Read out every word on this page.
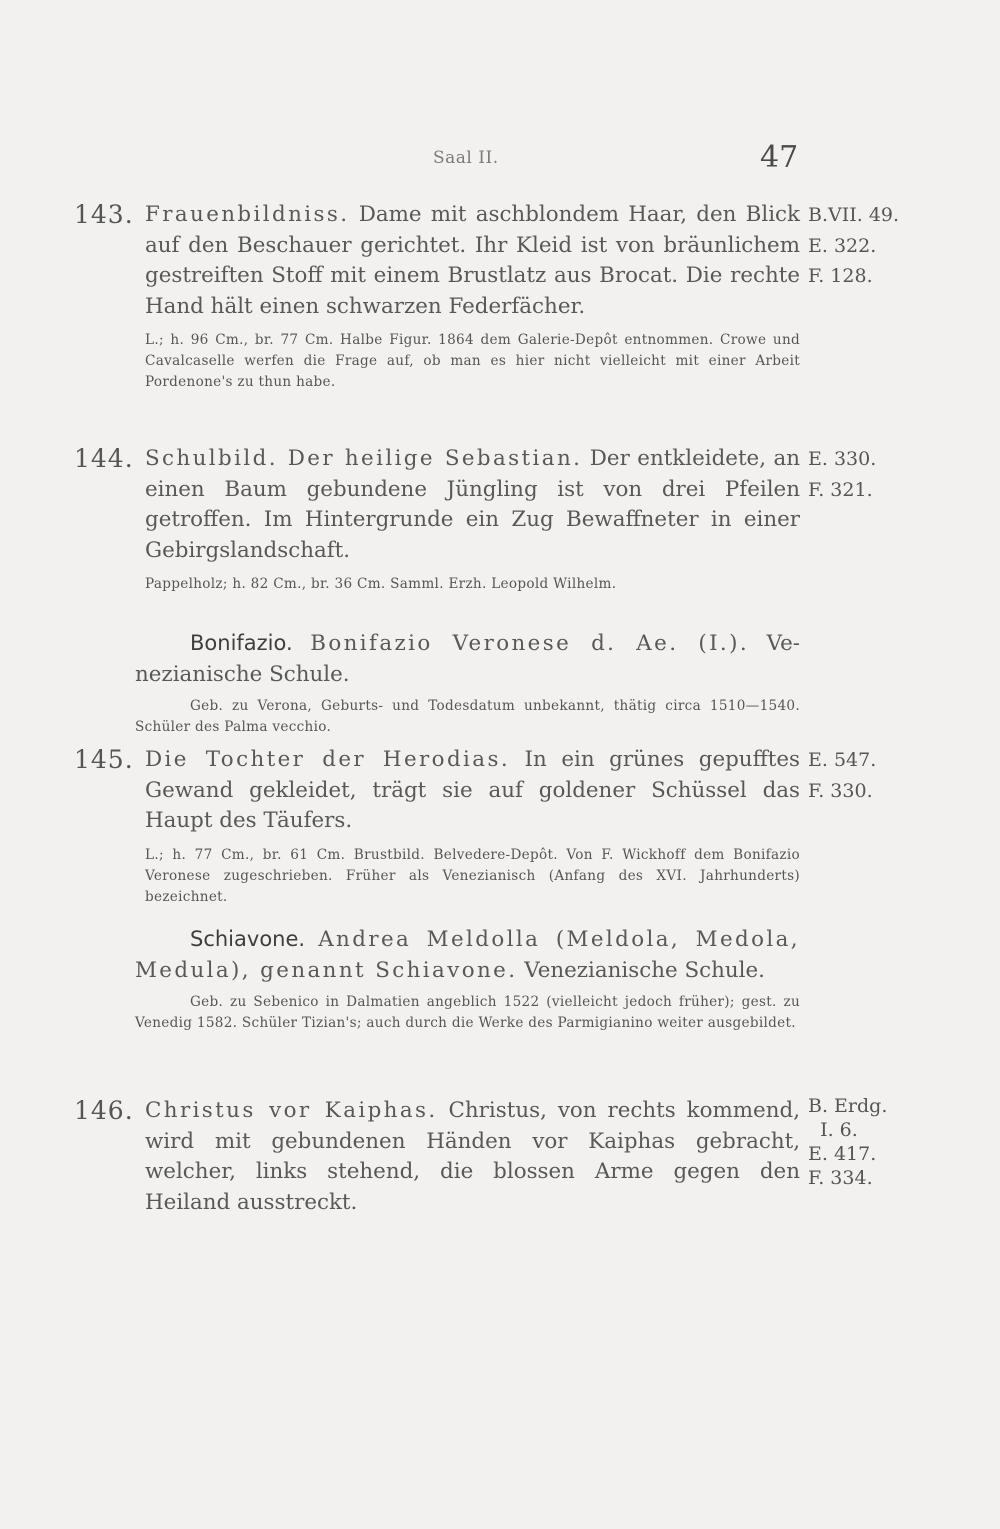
Saal II.	47
143. Frauenbildniss. Dame mit aschblondem Haar, den Blick auf den Beschauer gerichtet. Ihr Kleid ist von bräunlichem gestreiften Stoff mit einem Brustlatz aus Brocat. Die rechte Hand hält einen schwarzen Federfächer.

L.; h. 96 Cm., br. 77 Cm. Halbe Figur. 1864 dem Galerie-Depôt entnommen. Crowe und Cavalcaselle werfen die Frage auf, ob man es hier nicht vielleicht mit einer Arbeit Pordenone's zu thun habe.

B.VII. 49.
E. 322.
F. 128.
144. Schulbild. Der heilige Sebastian. Der entkleidete, an einen Baum gebundene Jüngling ist von drei Pfeilen getroffen. Im Hintergrunde ein Zug Bewaffneter in einer Gebirgslandschaft.

Pappelholz; h. 82 Cm., br. 36 Cm. Samml. Erzh. Leopold Wilhelm.

E. 330.
F. 321.

Bonifazio. Bonifazio Veronese d. Ae. (I.). Venezianische Schule.

Geb. zu Verona, Geburts- und Todesdatum unbekannt, thätig circa 1510—1540. Schüler des Palma vecchio.

145. Die Tochter der Herodias. In ein grünes gepufftes Gewand gekleidet, trägt sie auf goldener Schüssel das Haupt des Täufers.

L.; h. 77 Cm., br. 61 Cm. Brustbild. Belvedere-Depôt. Von F. Wickhoff dem Bonifazio Veronese zugeschrieben. Früher als Venezianisch (Anfang des XVI. Jahrhunderts) bezeichnet.

E. 547.
F. 330.

Schiavone. Andrea Meldolla (Meldola, Medola, Medula), genannt Schiavone. Venezianische Schule.

Geb. zu Sebenico in Dalmatien angeblich 1522 (vielleicht jedoch früher); gest. zu Venedig 1582. Schüler Tizian's; auch durch die Werke des Parmigianino weiter ausgebildet.

146. Christus vor Kaiphas. Christus, von rechts kommend, wird mit gebundenen Händen vor Kaiphas gebracht, welcher, links stehend, die blossen Arme gegen den Heiland ausstreckt.

B. Erdg.
I. 6.
E. 417.
F. 334.
